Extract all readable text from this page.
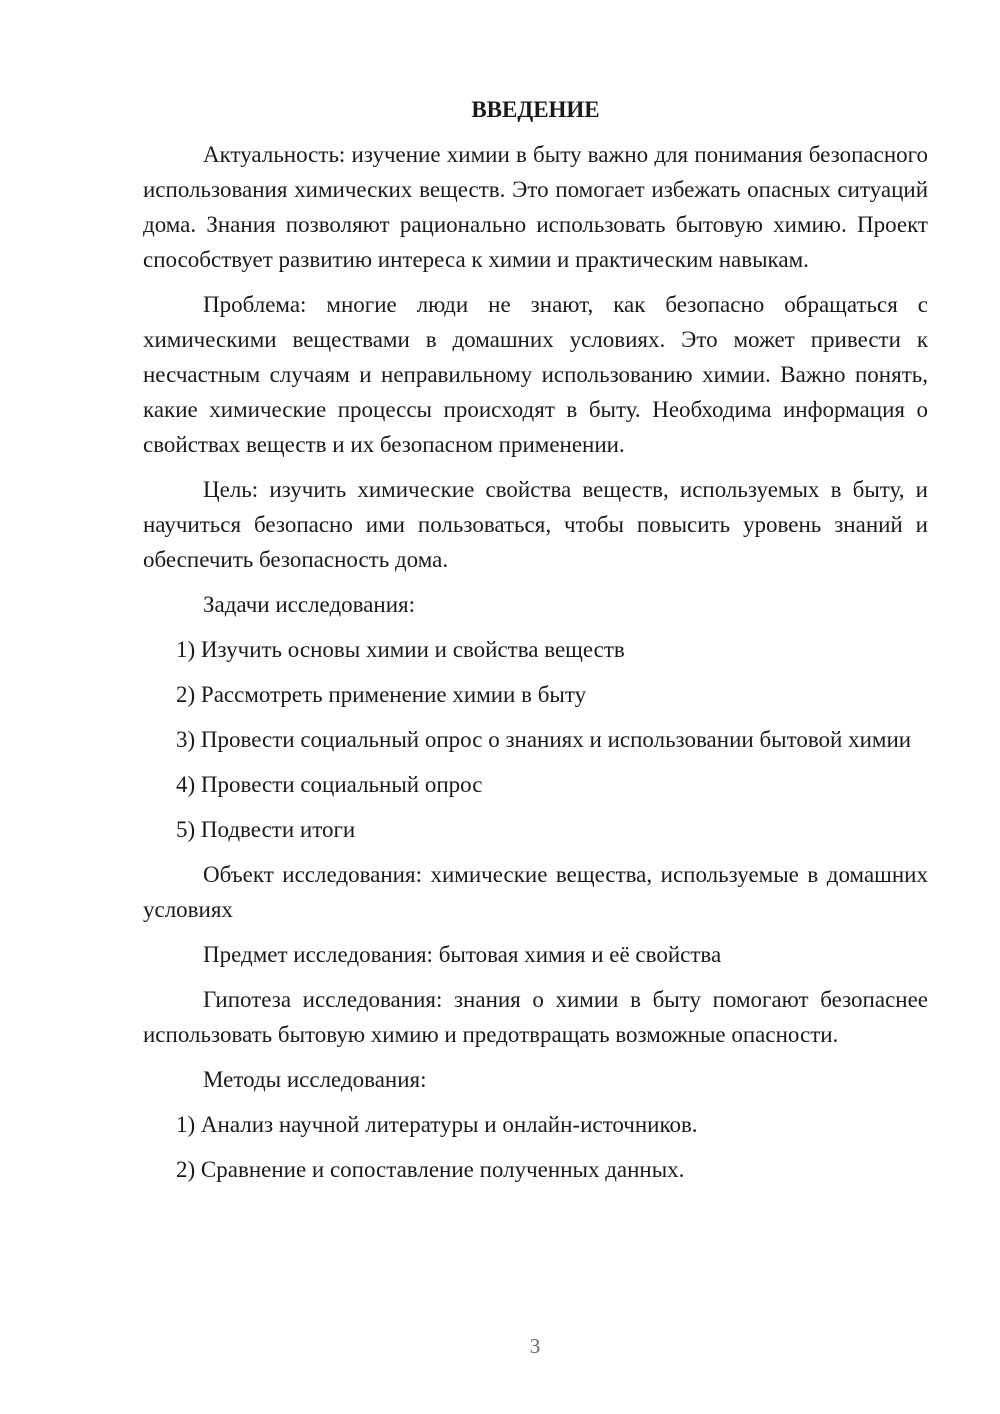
ВВЕДЕНИЕ

Актуальность: изучение химии в быту важно для понимания безопасного использования химических веществ. Это помогает избежать опасных ситуаций дома. Знания позволяют рационально использовать бытовую химию. Проект способствует развитию интереса к химии и практическим навыкам.

Проблема: многие люди не знают, как безопасно обращаться с химическими веществами в домашних условиях. Это может привести к несчастным случаям и неправильному использованию химии. Важно понять, какие химические процессы происходят в быту. Необходима информация о свойствах веществ и их безопасном применении.

Цель: изучить химические свойства веществ, используемых в быту, и научиться безопасно ими пользоваться, чтобы повысить уровень знаний и обеспечить безопасность дома.

Задачи исследования:

1) Изучить основы химии и свойства веществ

2) Рассмотреть применение химии в быту

3) Провести социальный опрос о знаниях и использовании бытовой химии

4) Провести социальный опрос

5) Подвести итоги

Объект исследования: химические вещества, используемые в домашних условиях

Предмет исследования: бытовая химия и её свойства

Гипотеза исследования: знания о химии в быту помогают безопаснее использовать бытовую химию и предотвращать возможные опасности.

Методы исследования:

1) Анализ научной литературы и онлайн-источников.

2) Сравнение и сопоставление полученных данных.

3
